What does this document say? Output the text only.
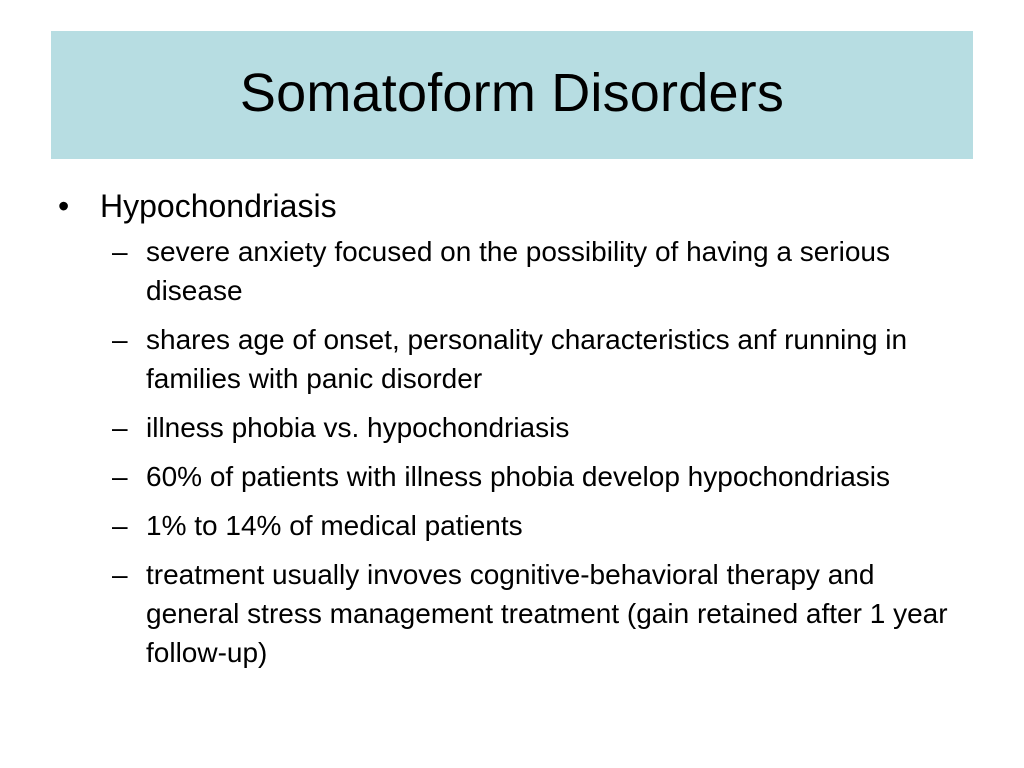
Somatoform Disorders
• Hypochondriasis
– severe anxiety focused on the possibility of having a serious disease
– shares age of onset, personality characteristics anf running in families with panic disorder
– illness phobia vs. hypochondriasis
– 60% of patients with illness phobia develop hypochondriasis
– 1% to 14% of medical patients
– treatment usually invoves cognitive-behavioral therapy and general stress management treatment (gain retained after 1 year follow-up)
